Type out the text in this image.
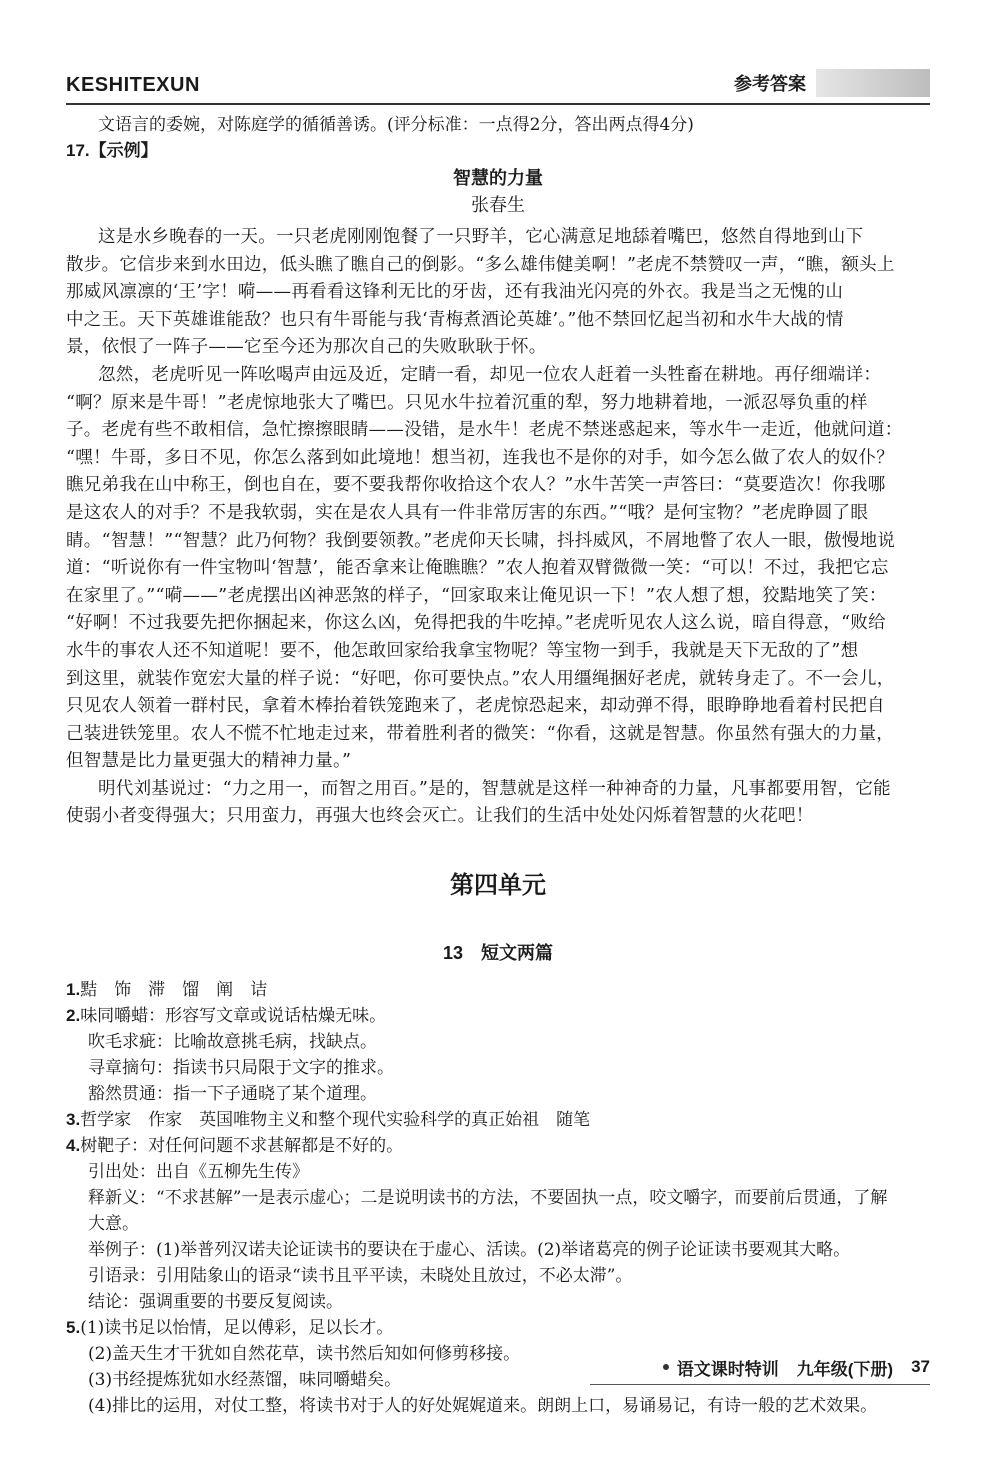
KESHITEXUN	参考答案
文语言的委婉，对陈庭学的循循善诱。(评分标准：一点得2分，答出两点得4分)
17.【示例】
智慧的力量
张春生
这是水乡晚春的一天。一只老虎刚刚饱餐了一只野羊，它心满意足地舔着嘴巴，悠然自得地到山下
散步。它信步来到水田边，低头瞧了瞧自己的倒影。“多么雄伟健美啊！”老虎不禁赞叹一声，“瞧，额头上
那威风凛凛的‘王’字！嗬——再看看这锋利无比的牙齿，还有我油光闪亮的外衣。我是当之无愧的山
中之王。天下英雄谁能敌？也只有牛哥能与我‘青梅煮酒论英雄’。”他不禁回忆起当初和水牛大战的情
景，依恨了一阵子——它至今还为那次自己的失败耿耿于怀。
忽然，老虎听见一阵吆喝声由远及近，定睛一看，却见一位农人赶着一头牲畜在耕地。再仔细端详：
“啊？原来是牛哥！”老虎惊地张大了嘴巴。只见水牛拉着沉重的犁，努力地耕着地，一派忍辱负重的样
子。老虎有些不敢相信，急忙擦擦眼睛——没错，是水牛！老虎不禁迷惑起来，等水牛一走近，他就问道：
“嘿！牛哥，多日不见，你怎么落到如此境地！想当初，连我也不是你的对手，如今怎么做了农人的奴仆？
瞧兄弟我在山中称王，倒也自在，要不要我帮你收拾这个农人？”水牛苦笑一声答曰：“莫要造次！你我哪
是这农人的对手？不是我软弱，实在是农人具有一件非常厉害的东西。”“哦？是何宝物？”老虎睁圆了眼
睛。“智慧！”“智慧？此乃何物？我倒要领教。”老虎仰天长啸，抖抖威风，不屑地瞥了农人一眼，傲慢地说
道：“听说你有一件宝物叫‘智慧’，能否拿来让俺瞧瞧？”农人抱着双臂微微一笑：“可以！不过，我把它忘
在家里了。”“嗬——”老虎摆出凶神恶煞的样子，“回家取来让俺见识一下！”农人想了想，狡黠地笑了笑：
“好啊！不过我要先把你捆起来，你这么凶，免得把我的牛吃掉。”老虎听见农人这么说，暗自得意，“败给
水牛的事农人还不知道呢！要不，他怎敢回家给我拿宝物呢？等宝物一到手，我就是天下无敌的了”想
到这里，就装作宽宏大量的样子说：“好吧，你可要快点。”农人用缰绳捆好老虎，就转身走了。不一会儿，
只见农人领着一群村民，拿着木棒抬着铁笼跑来了，老虎惊恐起来，却动弹不得，眼睁睁地看着村民把自
己装进铁笼里。农人不慌不忙地走过来，带着胜利者的微笑：“你看，这就是智慧。你虽然有强大的力量，
但智慧是比力量更强大的精神力量。”
明代刘基说过：“力之用一，而智之用百。”是的，智慧就是这样一种神奇的力量，凡事都要用智，它能
使弱小者变得强大；只用蛮力，再强大也终会灭亡。让我们的生活中处处闪烁着智慧的火花吧！
第四单元
13　短文两篇
1.黠　饰　滞　馏　阐　诘
2.味同嚼蜡：形容写文章或说话枯燥无味。
吹毛求疵：比喻故意挑毛病，找缺点。
寻章摘句：指读书只局限于文字的推求。
豁然贯通：指一下子通晓了某个道理。
3.哲学家　作家　英国唯物主义和整个现代实验科学的真正始祖　随笔
4.树靶子：对任何问题不求甚解都是不好的。
引出处：出自《五柳先生传》
释新义：“不求甚解”一是表示虚心；二是说明读书的方法，不要固执一点，咬文嚼字，而要前后贯通，了解
大意。
举例子：(1)举普列汉诺夫论证读书的要诀在于虚心、活读。(2)举诸葛亮的例子论证读书要观其大略。
引语录：引用陆象山的语录“读书且平平读，未晓处且放过，不必太滞”。
结论：强调重要的书要反复阅读。
5.(1)读书足以怡情，足以傅彩，足以长才。
(2)盖天生才干犹如自然花草，读书然后知如何修剪移接。
(3)书经提炼犹如水经蒸馏，味同嚼蜡矣。
(4)排比的运用，对仗工整，将读书对于人的好处娓娓道来。朗朗上口，易诵易记，有诗一般的艺术效果。
语文课时特训 九年级(下册) 37
